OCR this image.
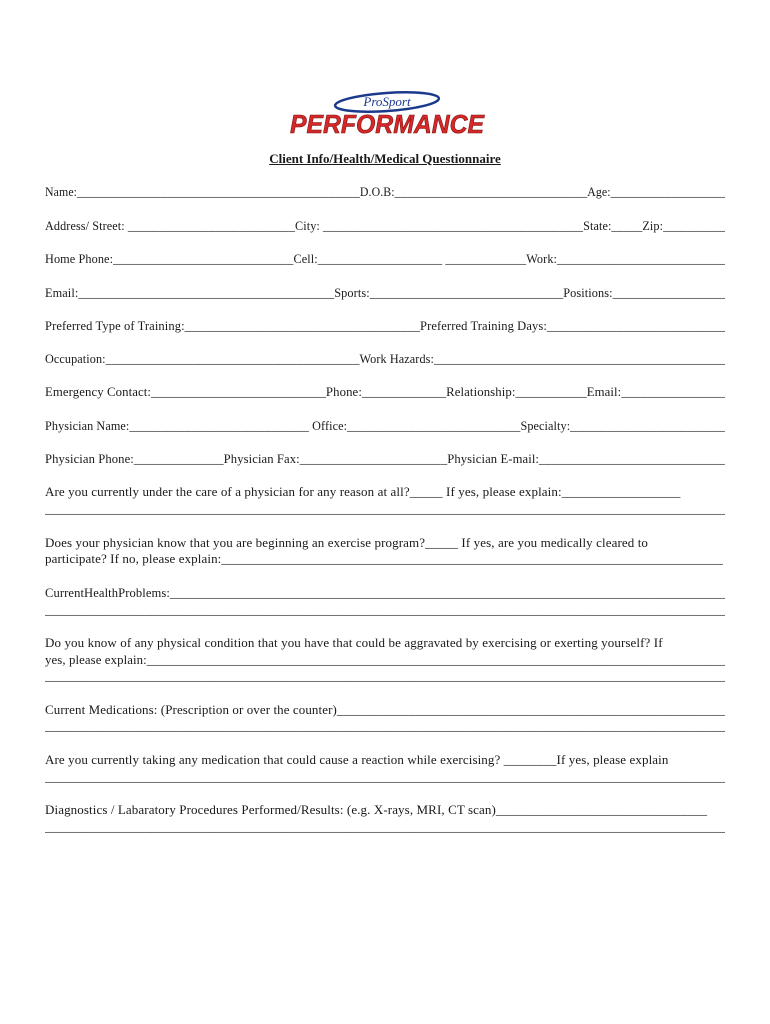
ProSport
PERFORMANCE
Client Info/Health/Medical Questionnaire
Name:_______________________________________________D.O.B:________________________________Age:___________________
Address/ Street: ___________________________City: __________________________________________State:_____Zip:__________
Home Phone:_____________________________Cell:____________________ _____________Work:___________________________
Email:_________________________________________Sports:_______________________________Positions:__________________
Preferred Type of Training:_____________________________________Preferred Training Days:____________________________
Occupation:_________________________________________Work Hazards:_______________________________________________
Emergency Contact:___________________________Phone:_____________Relationship:___________Email:________________
Physician Name:_____________________________ Office:____________________________Specialty:_________________________
Physician Phone:______________Physician Fax:_______________________Physician E-mail:_____________________________
Are you currently under the care of a physician for any reason at all?_____ If yes, please explain:__________________
_____________________________________________________________________________________________________________
Does your physician know that you are beginning an exercise program?_____ If yes, are you medically cleared to
participate? If no, please explain:____________________________________________________________________________
CurrentHealthProblems:_______________________________________________________________________________________
_____________________________________________________________________________________________________________
Do you know of any physical condition that you have that could be aggravated by exercising or exerting yourself? If
yes, please explain:_________________________________________________________________________________________
_____________________________________________________________________________________________________________
Current Medications: (Prescription or over the counter)___________________________________________________________
_____________________________________________________________________________________________________________
Are you currently taking any medication that could cause a reaction while exercising? ________If yes, please explain
_____________________________________________________________________________________________________________
Diagnostics / Labaratory Procedures Performed/Results: (e.g. X-rays, MRI, CT scan)________________________________
_____________________________________________________________________________________________________________
